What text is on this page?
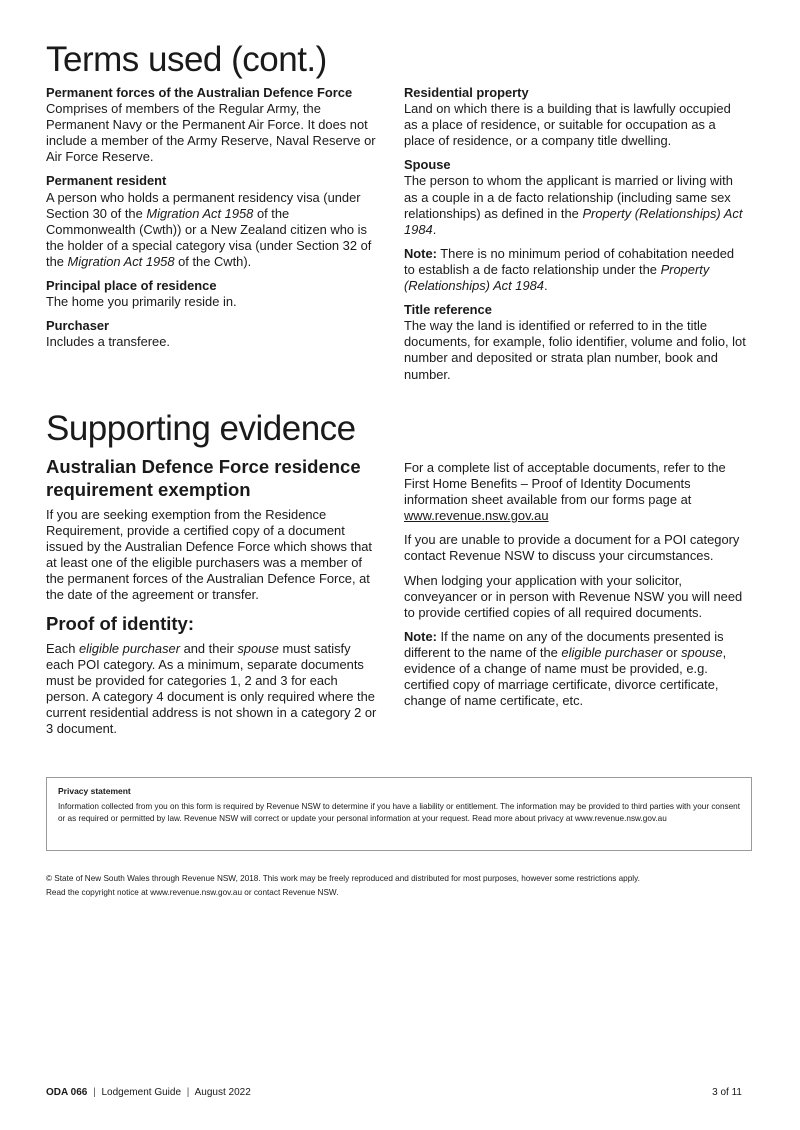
Terms used (cont.)
Permanent forces of the Australian Defence Force
Comprises of members of the Regular Army, the Permanent Navy or the Permanent Air Force. It does not include a member of the Army Reserve, Naval Reserve or Air Force Reserve.
Permanent resident
A person who holds a permanent residency visa (under Section 30 of the Migration Act 1958 of the Commonwealth (Cwth)) or a New Zealand citizen who is the holder of a special category visa (under Section 32 of the Migration Act 1958 of the Cwth).
Principal place of residence
The home you primarily reside in.
Purchaser
Includes a transferee.
Residential property
Land on which there is a building that is lawfully occupied as a place of residence, or suitable for occupation as a place of residence, or a company title dwelling.
Spouse
The person to whom the applicant is married or living with as a couple in a de facto relationship (including same sex relationships) as defined in the Property (Relationships) Act 1984.
Note: There is no minimum period of cohabitation needed to establish a de facto relationship under the Property (Relationships) Act 1984.
Title reference
The way the land is identified or referred to in the title documents, for example, folio identifier, volume and folio, lot number and deposited or strata plan number, book and number.
Supporting evidence
Australian Defence Force residence requirement exemption

If you are seeking exemption from the Residence Requirement, provide a certified copy of a document issued by the Australian Defence Force which shows that at least one of the eligible purchasers was a member of the permanent forces of the Australian Defence Force, at the date of the agreement or transfer.

Proof of identity:

Each eligible purchaser and their spouse must satisfy each POI category. As a minimum, separate documents must be provided for categories 1, 2 and 3 for each person. A category 4 document is only required where the current residential address is not shown in a category 2 or 3 document.

For a complete list of acceptable documents, refer to the First Home Benefits – Proof of Identity Documents information sheet available from our forms page at www.revenue.nsw.gov.au

If you are unable to provide a document for a POI category contact Revenue NSW to discuss your circumstances.

When lodging your application with your solicitor, conveyancer or in person with Revenue NSW you will need to provide certified copies of all required documents.

Note: If the name on any of the documents presented is different to the name of the eligible purchaser or spouse, evidence of a change of name must be provided, e.g. certified copy of marriage certificate, divorce certificate, change of name certificate, etc.

Privacy statement
Information collected from you on this form is required by Revenue NSW to determine if you have a liability or entitlement. The information may be provided to third parties with your consent or as required or permitted by law. Revenue NSW will correct or update your personal information at your request. Read more about privacy at www.revenue.nsw.gov.au
© State of New South Wales through Revenue NSW, 2018. This work may be freely reproduced and distributed for most purposes, however some restrictions apply.
Read the copyright notice at www.revenue.nsw.gov.au or contact Revenue NSW.
ODA 066 | Lodgement Guide | August 2022	3 of 11
